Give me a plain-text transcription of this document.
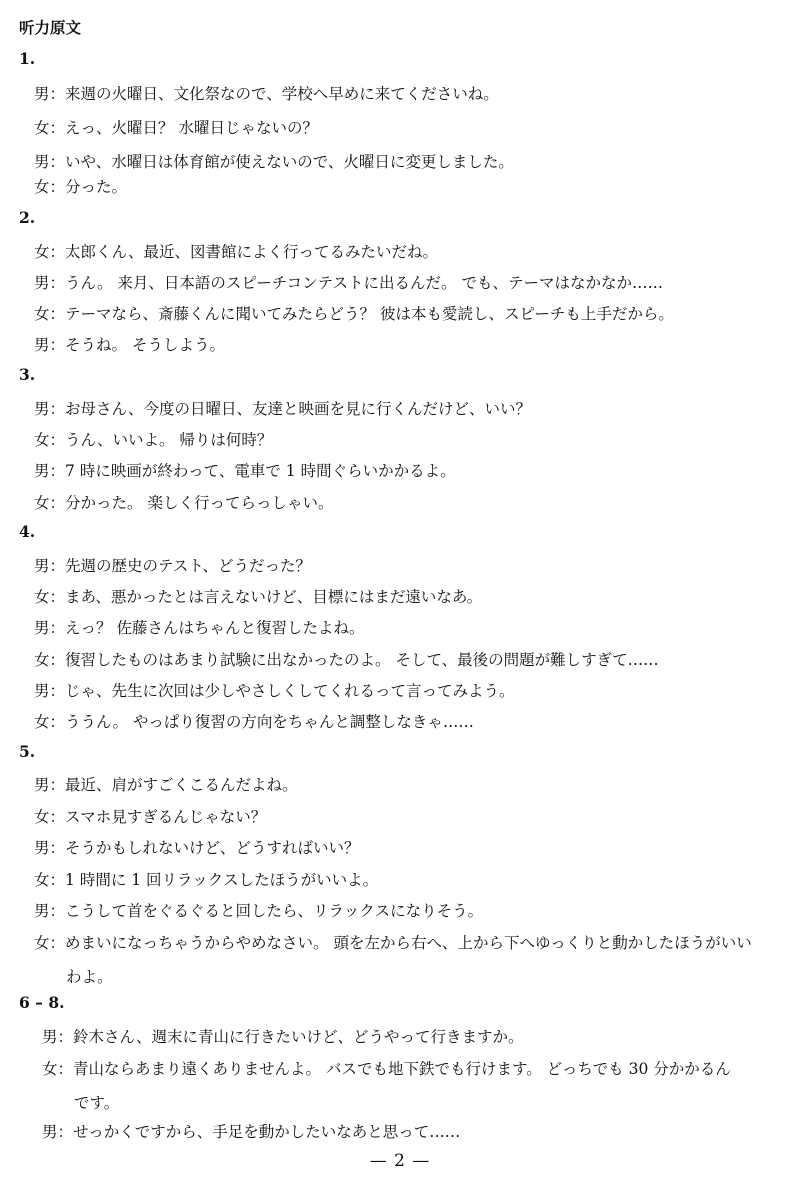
听力原文
1.
男：来週の火曜日、文化祭なので、学校へ早めに来てくださいね。
女：えっ、火曜日？ 水曜日じゃないの？
男：いや、水曜日は体育館が使えないので、火曜日に変更しました。
女：分った。
2.
女：太郎くん、最近、図書館によく行ってるみたいだね。
男：うん。 来月、日本語のスピーチコンテストに出るんだ。 でも、テーマはなかなか……
女：テーマなら、斎藤くんに聞いてみたらどう？ 彼は本も愛読し、スピーチも上手だから。
男：そうね。 そうしよう。
3.
男：お母さん、今度の日曜日、友達と映画を見に行くんだけど、いい？
女：うん、いいよ。 帰りは何時？
男：7 時に映画が終わって、電車で 1 時間ぐらいかかるよ。
女：分かった。 楽しく行ってらっしゃい。
4.
男：先週の歴史のテスト、どうだった？
女：まあ、悪かったとは言えないけど、目標にはまだ遠いなあ。
男：えっ？ 佐藤さんはちゃんと復習したよね。
女：復習したものはあまり試験に出なかったのよ。 そして、最後の問題が難しすぎて……
男：じゃ、先生に次回は少しやさしくしてくれるって言ってみよう。
女：ううん。 やっぱり復習の方向をちゃんと調整しなきゃ……
5.
男：最近、肩がすごくこるんだよね。
女：スマホ見すぎるんじゃない？
男：そうかもしれないけど、どうすればいい？
女：1 時間に 1 回リラックスしたほうがいいよ。
男：こうして首をぐるぐると回したら、リラックスになりそう。
女：めまいになっちゃうからやめなさい。 頭を左から右へ、上から下へゆっくりと動かしたほうがいい
わよ。
6 – 8.
男：鈴木さん、週末に青山に行きたいけど、どうやって行きますか。
女：青山ならあまり遠くありませんよ。 バスでも地下鉄でも行けます。 どっちでも 30 分かかるん
です。
男：せっかくですから、手足を動かしたいなあと思って……
— 2 —
